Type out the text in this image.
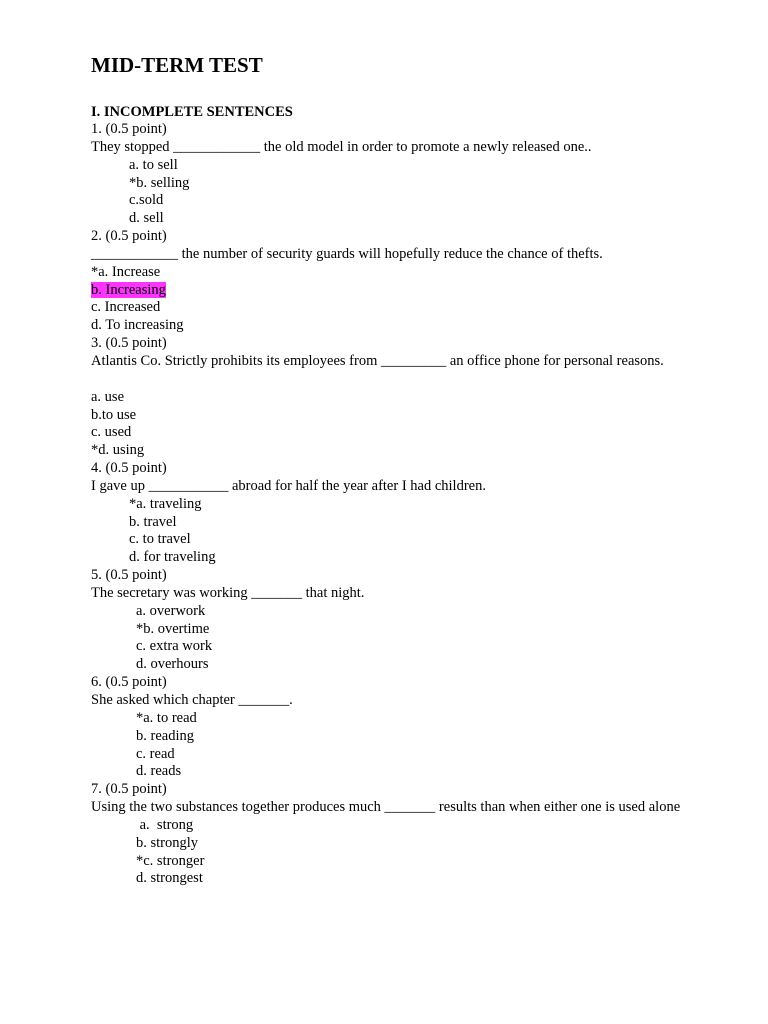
MID-TERM TEST
I. INCOMPLETE SENTENCES
1. (0.5 point)
They stopped ____________ the old model in order to promote a newly released one..
a. to sell
*b. selling
c.sold
d. sell
2. (0.5 point)
____________ the number of security guards will hopefully reduce the chance of thefts.
*a. Increase
b. Increasing
c. Increased
d. To increasing
3. (0.5 point)
Atlantis Co. Strictly prohibits its employees from _________ an office phone for personal reasons.
a. use
b.to use
c. used
*d. using
4. (0.5 point)
I gave up ___________ abroad for half the year after I had children.
*a. traveling
b. travel
c. to travel
d. for traveling
5. (0.5 point)
The secretary was working _______ that night.
a. overwork
*b. overtime
c. extra work
d. overhours
6. (0.5 point)
She asked which chapter _______.
*a. to read
b. reading
c. read
d. reads
7. (0.5 point)
Using the two substances together produces much _______ results than when either one is used alone
a.  strong
b. strongly
*c. stronger
d. strongest
